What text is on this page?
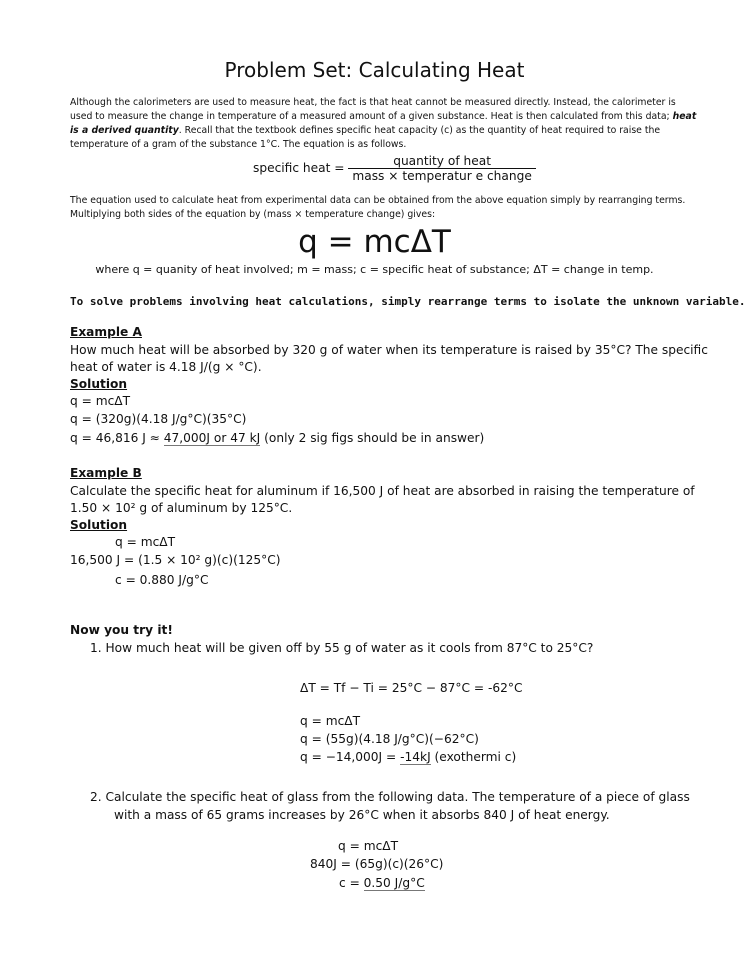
Problem Set: Calculating Heat
Although the calorimeters are used to measure heat, the fact is that heat cannot be measured directly. Instead, the calorimeter is
used to measure the change in temperature of a measured amount of a given substance. Heat is then calculated from this data; heat
is a derived quantity. Recall that the textbook defines specific heat capacity (c) as the quantity of heat required to raise the
temperature of a gram of the substance 1°C. The equation is as follows.
specific heat = $\frac{\text{quantity of heat}}{\text{mass × temperatur e change}}$
The equation used to calculate heat from experimental data can be obtained from the above equation simply by rearranging terms.
Multiplying both sides of the equation by (mass × temperature change) gives:
q = mcΔT
where q = quanity of heat involved; m = mass; c = specific heat of substance; ΔT = change in temp.
To solve problems involving heat calculations, simply rearrange terms to isolate the unknown variable.
Example A
How much heat will be absorbed by 320 g of water when its temperature is raised by 35°C? The specific
heat of water is 4.18 J/(g × °C).
Solution
q = mcΔT
q = (320g)(4.18 J/g°C)(35°C)
q = 46,816 J ≈ 47,000J or 47 kJ (only 2 sig figs should be in answer)
Example B
Calculate the specific heat for aluminum if 16,500 J of heat are absorbed in raising the temperature of
1.50 × 10² g of aluminum by 125°C.
Solution
q = mcΔT
16,500 J = (1.5 × 10² g)(c)(125°C)
c = 0.880 J/g°C
Now you try it!
1. How much heat will be given off by 55 g of water as it cools from 87°C to 25°C?
ΔT = Tf − Ti = 25°C − 87°C = -62°C
q = mcΔT
q = (55g)(4.18 J/g°C)(−62°C)
q = −14,000J = -14kJ (exothermi c)
2. Calculate the specific heat of glass from the following data. The temperature of a piece of glass
with a mass of 65 grams increases by 26°C when it absorbs 840 J of heat energy.
q = mcΔT
840J = (65g)(c)(26°C)
c = 0.50 J/g°C
